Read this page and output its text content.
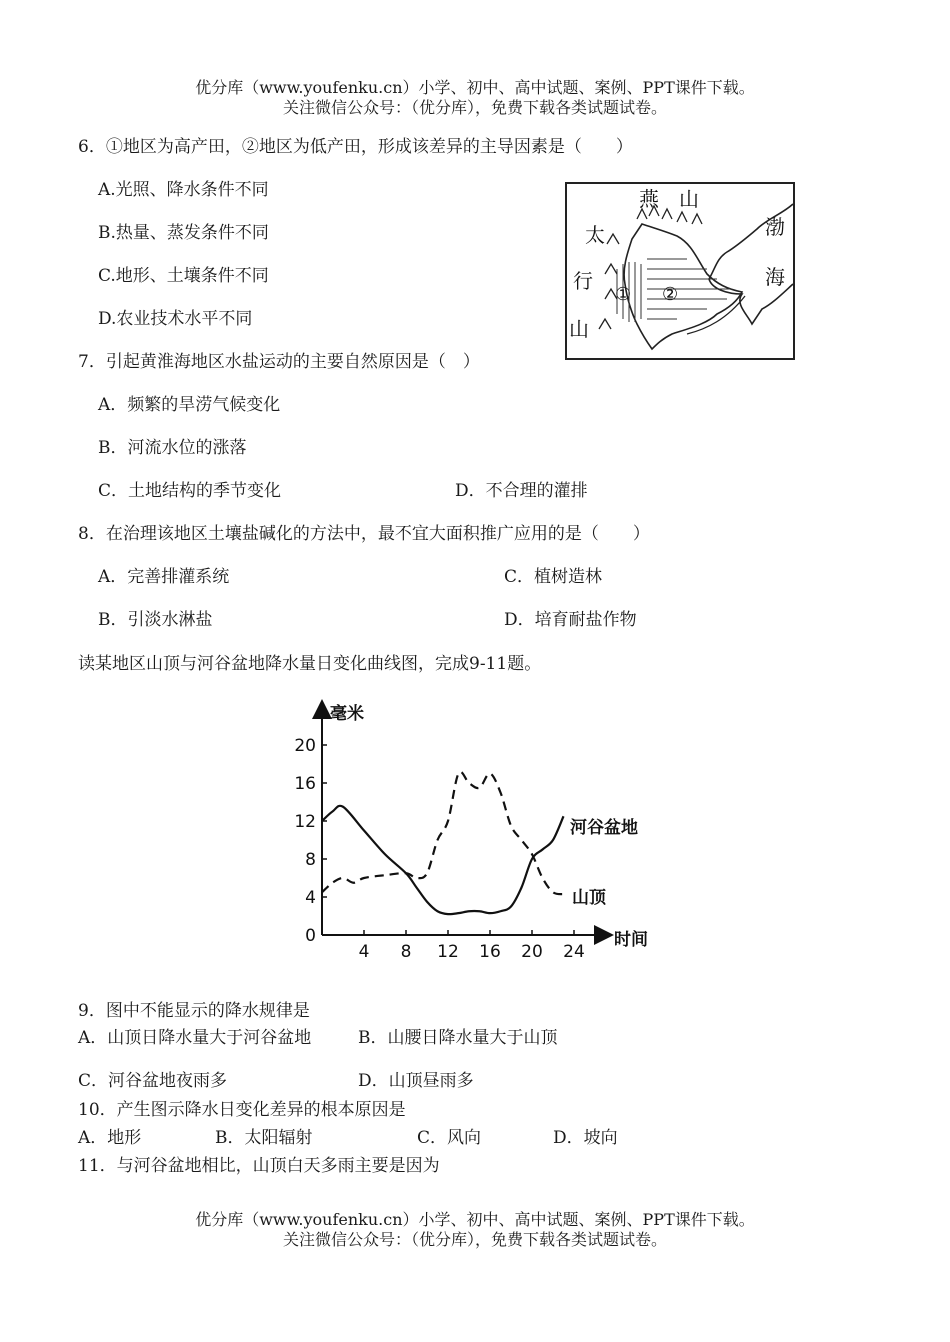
优分库（www.youfenku.cn）小学、初中、高中试题、案例、PPT课件下载。
关注微信公众号：（优分库），免费下载各类试题试卷。
6．①地区为高产田，②地区为低产田，形成该差异的主导因素是（　　）
A.光照、降水条件不同
B.热量、蒸发条件不同
C.地形、土壤条件不同
D.农业技术水平不同
燕 山
太
行
山
渤
海
① ②
7．引起黄淮海地区水盐运动的主要自然原因是（　）
A．频繁的旱涝气候变化
B．河流水位的涨落
C．土地结构的季节变化	D．不合理的灌排
8．在治理该地区土壤盐碱化的方法中，最不宜大面积推广应用的是（　　）
A．完善排灌系统	C．植树造林
B．引淡水淋盐	D．培育耐盐作物
读某地区山顶与河谷盆地降水量日变化曲线图，完成9-11题。
毫米
时间
0
4
8
12
16
20
4 8 12 16 20 24
河谷盆地
山顶
9．图中不能显示的降水规律是
A．山顶日降水量大于河谷盆地	B．山腰日降水量大于山顶
C．河谷盆地夜雨多	D．山顶昼雨多
10．产生图示降水日变化差异的根本原因是
A．地形	B．太阳辐射	C．风向	D．坡向
11．与河谷盆地相比，山顶白天多雨主要是因为
优分库（www.youfenku.cn）小学、初中、高中试题、案例、PPT课件下载。
关注微信公众号：（优分库），免费下载各类试题试卷。
